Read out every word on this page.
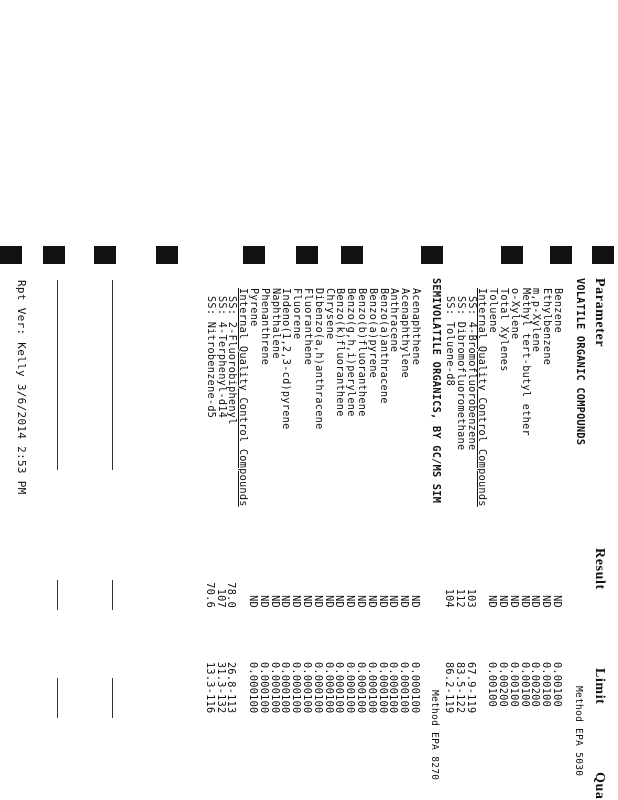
Parameter
Result
Limit
Qua
VOLATILE ORGANIC COMPOUNDS
Method EPA 5030
SEMIVOLATILE ORGANICS, BY GC/MS SIM
Method EPA 8270
Rpt Ver: Kelly 3/6/2014 2:53 PM	Benzene
ND
0.00100
Ethylbenzene
ND
0.00100
m,p-Xylene
ND
0.00200
Methyl tert-butyl ether
ND
0.00100
o-Xylene
ND
0.00100
Total Xylenes
ND
0.00200
Toluene
ND
0.00100
Internal Quality Control Compounds
SS: 4-Bromofluorobenzene
103
67.9-119
SS: Dibromofluoromethane
112
83.5-122
SS: Toluene-d8
104
86.2-119
Acenaphthene
ND
0.000100
Acenaphthylene
ND
0.000100
Anthracene
ND
0.000100
Benzo(a)anthracene
ND
0.000100
Benzo(a)pyrene
ND
0.000100
Benzo(b)fluoranthene
ND
0.000100
Benzo(g,h,i)perylene
ND
0.000100
Benzo(k)fluoranthene
ND
0.000100
Chrysene
ND
0.000100
Dibenzo(a,h)anthracene
ND
0.000100
Fluoranthene
ND
0.000100
Fluorene
ND
0.000100
Indeno(1,2,3-cd)pyrene
ND
0.000100
Naphthalene
ND
0.000100
Phenanthrene
ND
0.000100
Pyrene
ND
0.000100
Internal Quality Control Compounds
SS: 2-Fluorobiphenyl
78.0
26.8-113
SS: 4-Terphenyl-d14
107
31.3-132
SS: Nitrobenzene-d5
70.6
13.3-116
